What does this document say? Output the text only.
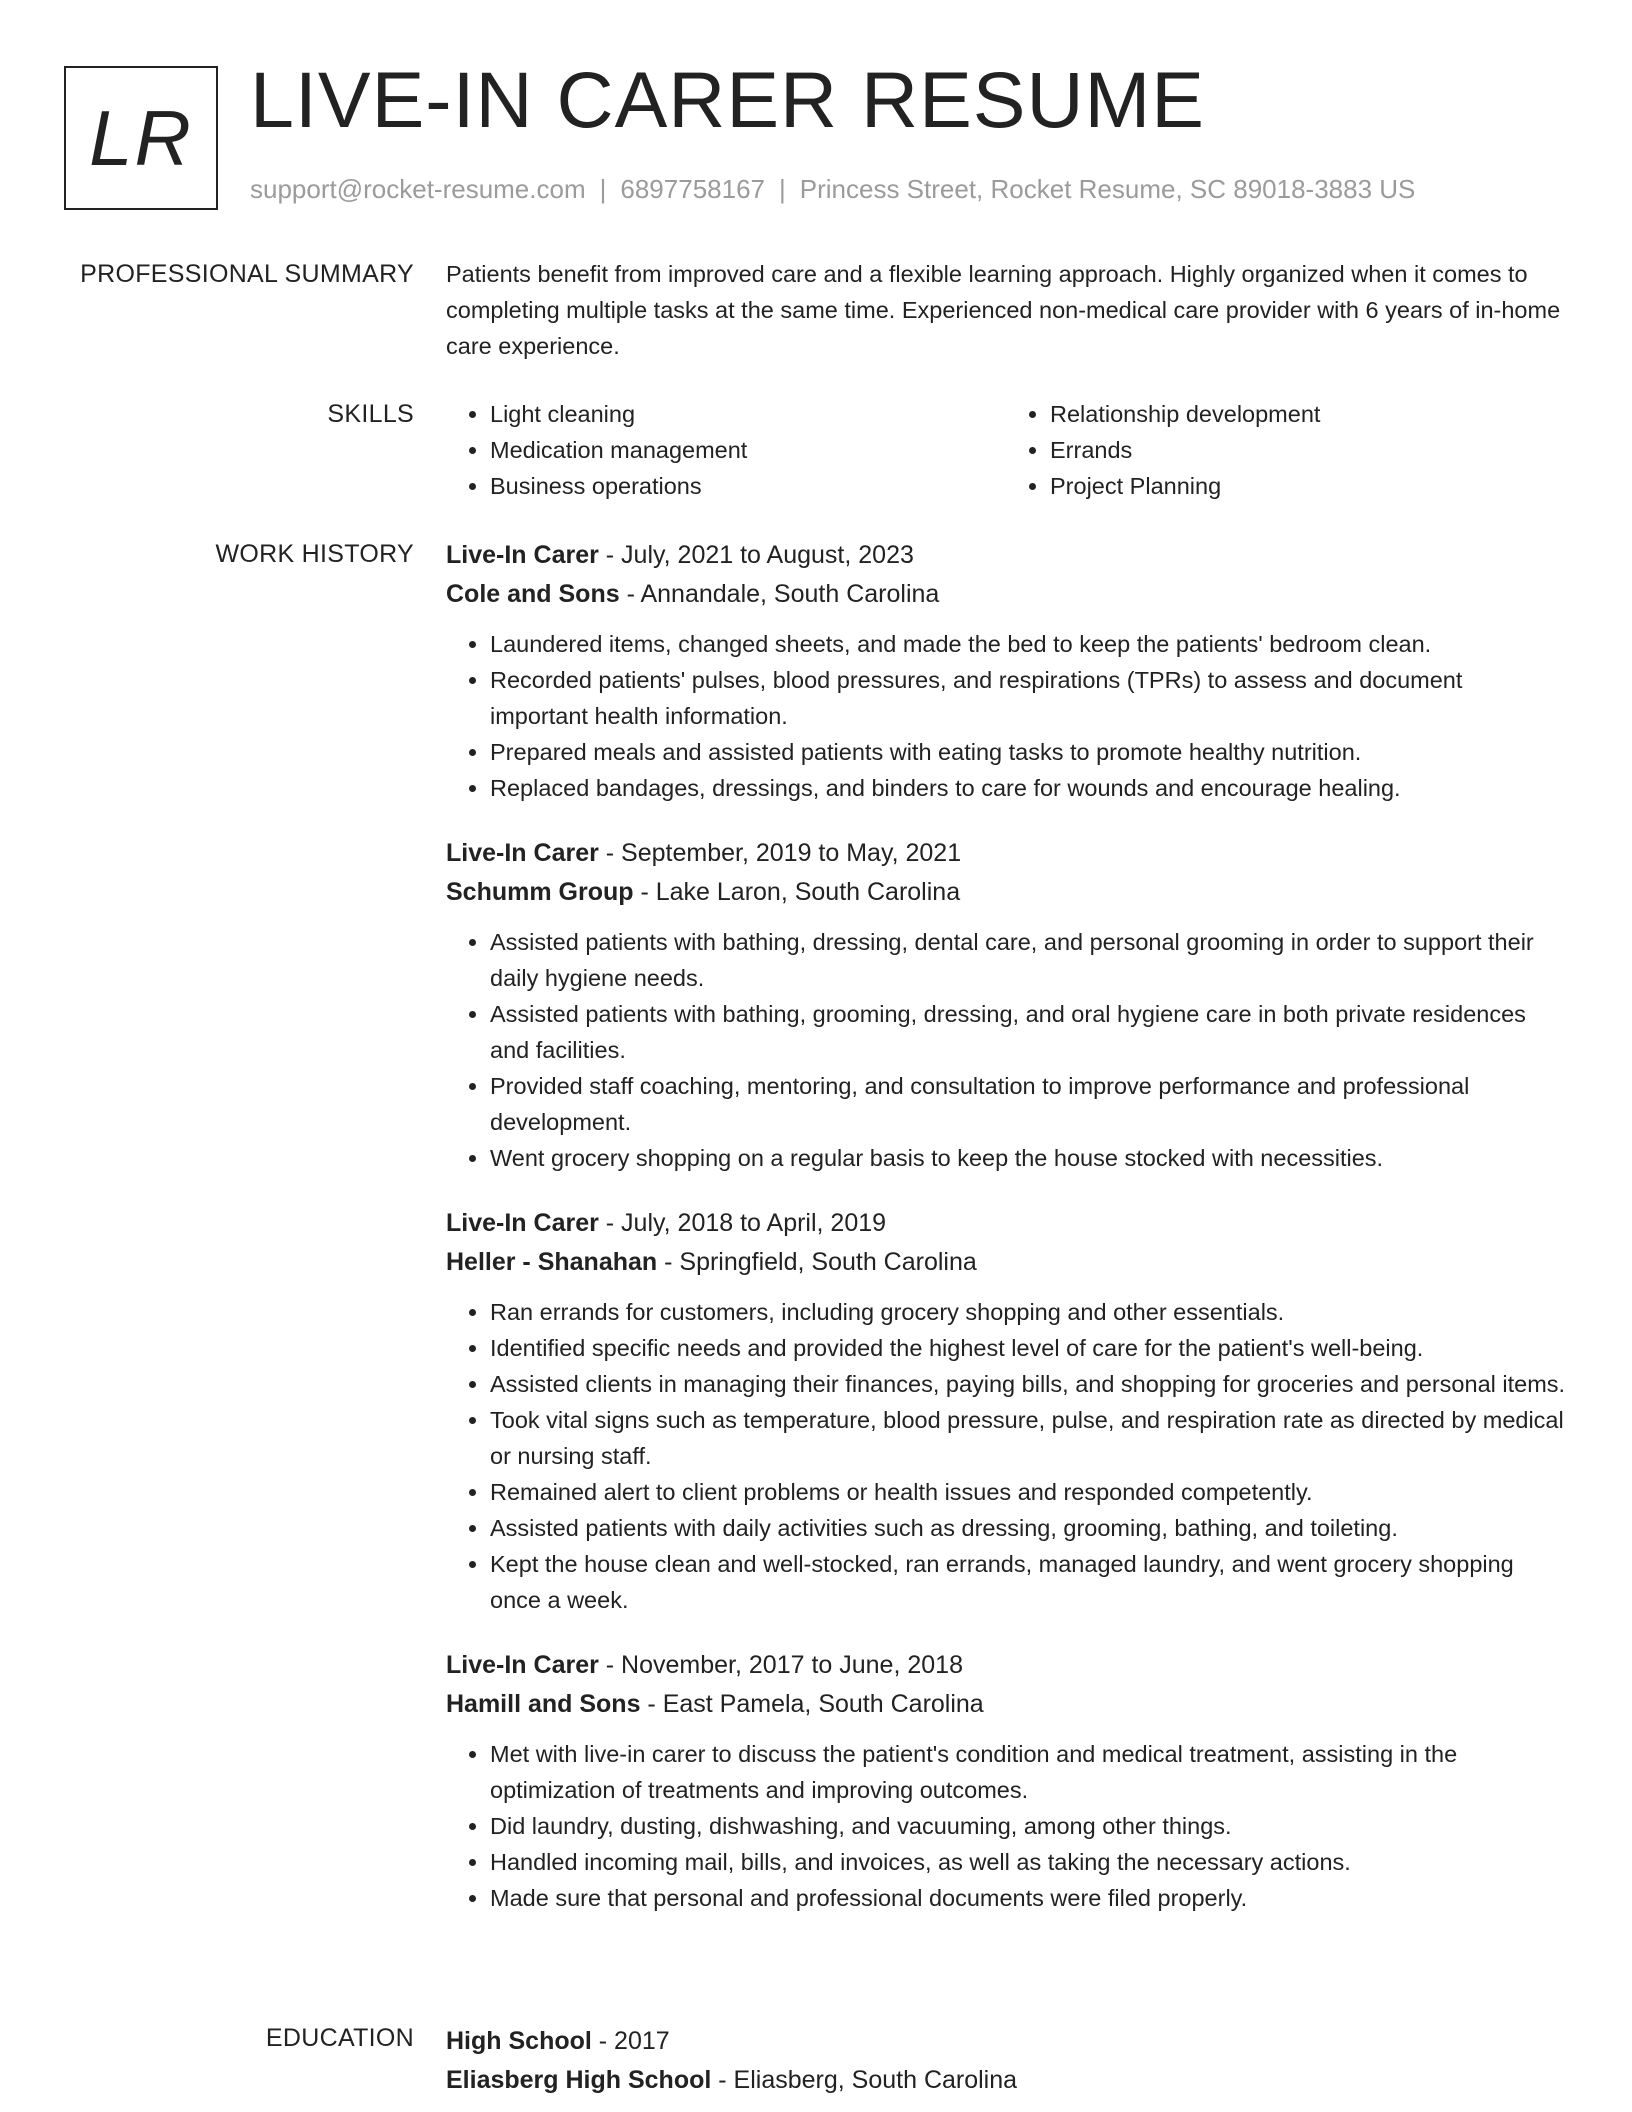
LR LIVE-IN CARER RESUME
support@rocket-resume.com | 6897758167 | Princess Street, Rocket Resume, SC 89018-3883 US
PROFESSIONAL SUMMARY Patients benefit from improved care and a flexible learning approach. Highly organized when it comes to completing multiple tasks at the same time. Experienced non-medical care provider with 6 years of in-home care experience.

SKILLS
•	Light cleaning
• Medication management
• Business operations
• Relationship development
• Errands
• Project Planning
WORK HISTORY Live-In Carer - July, 2021 to August, 2023
Cole and Sons - Annandale, South Carolina
• Laundered items, changed sheets, and made the bed to keep the patients' bedroom clean.
• Recorded patients' pulses, blood pressures, and respirations (TPRs) to assess and document important health information.
• Prepared meals and assisted patients with eating tasks to promote healthy nutrition.
• Replaced bandages, dressings, and binders to care for wounds and encourage healing.
Live-In Carer - September, 2019 to May, 2021
Schumm Group - Lake Laron, South Carolina
• Assisted patients with bathing, dressing, dental care, and personal grooming in order to support their daily hygiene needs.
• Assisted patients with bathing, grooming, dressing, and oral hygiene care in both private residences and facilities.
• Provided staff coaching, mentoring, and consultation to improve performance and professional development.
• Went grocery shopping on a regular basis to keep the house stocked with necessities.
Live-In Carer - July, 2018 to April, 2019
Heller - Shanahan - Springfield, South Carolina
• Ran errands for customers, including grocery shopping and other essentials.
• Identified specific needs and provided the highest level of care for the patient's well-being.
• Assisted clients in managing their finances, paying bills, and shopping for groceries and personal items.
• Took vital signs such as temperature, blood pressure, pulse, and respiration rate as directed by medical or nursing staff.
• Remained alert to client problems or health issues and responded competently.
• Assisted patients with daily activities such as dressing, grooming, bathing, and toileting.
• Kept the house clean and well-stocked, ran errands, managed laundry, and went grocery shopping once a week.
Live-In Carer - November, 2017 to June, 2018
Hamill and Sons - East Pamela, South Carolina
• Met with live-in carer to discuss the patient's condition and medical treatment, assisting in the optimization of treatments and improving outcomes.
• Did laundry, dusting, dishwashing, and vacuuming, among other things.
• Handled incoming mail, bills, and invoices, as well as taking the necessary actions.
• Made sure that personal and professional documents were filed properly.
EDUCATION High School - 2017
Eliasberg High School - Eliasberg, South Carolina
